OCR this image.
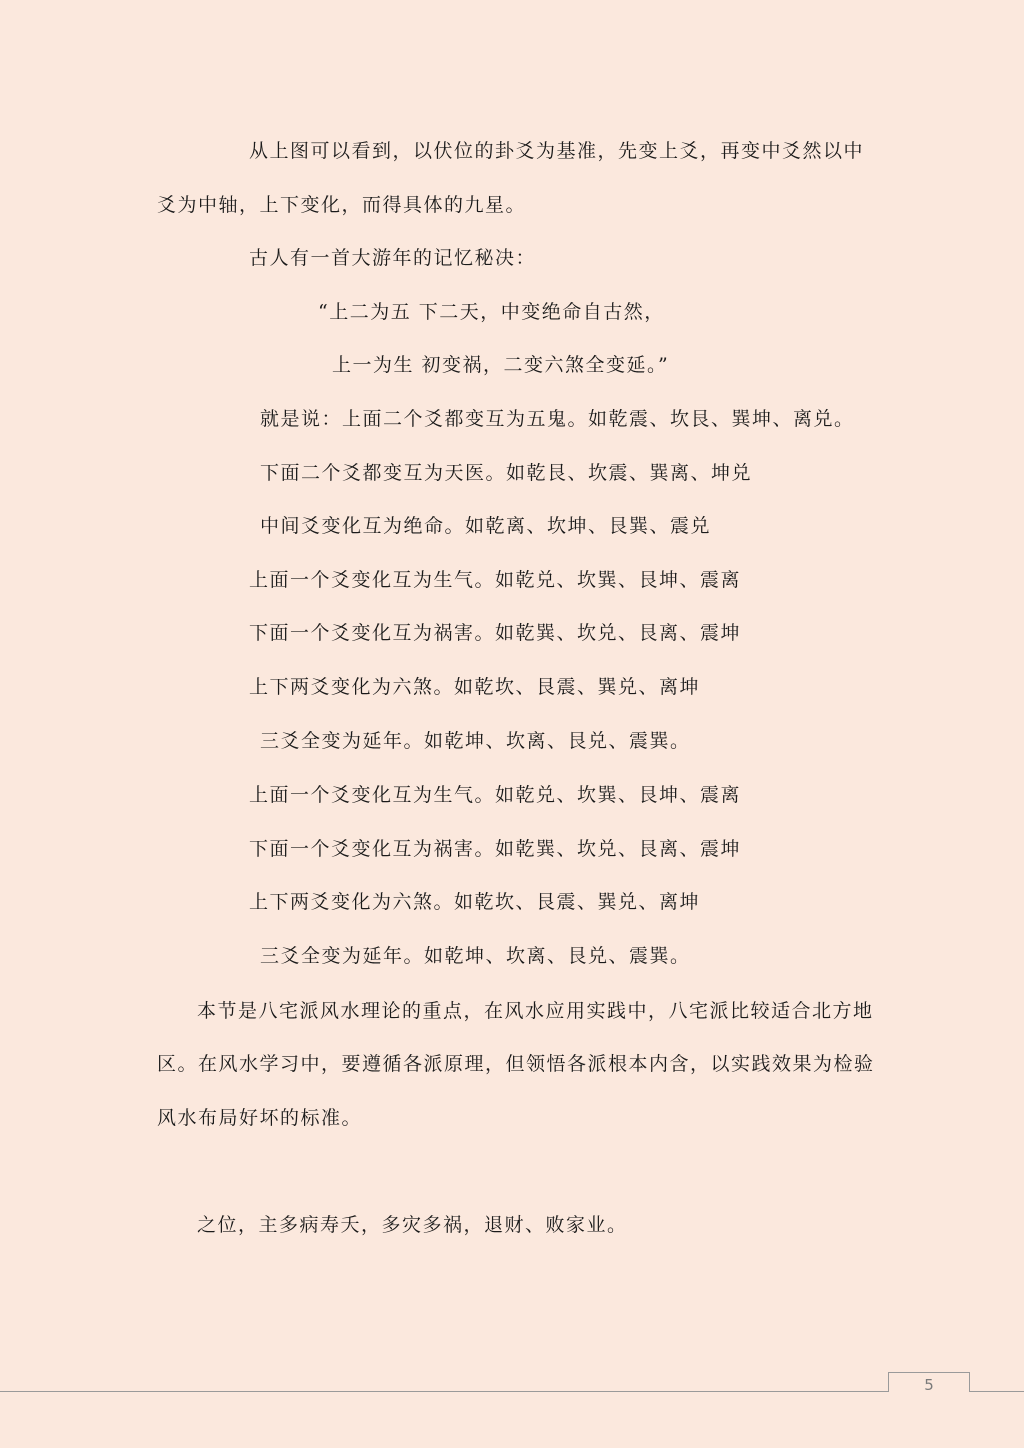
从上图可以看到，以伏位的卦爻为基准，先变上爻，再变中爻然以中
爻为中轴，上下变化，而得具体的九星。
古人有一首大游年的记忆秘决：
“上二为五 下二天，中变绝命自古然，
上一为生 初变祸，二变六煞全变延。”
就是说：上面二个爻都变互为五鬼。如乾震、坎艮、巽坤、离兑。
下面二个爻都变互为天医。如乾艮、坎震、巽离、坤兑
中间爻变化互为绝命。如乾离、坎坤、艮巽、震兑
上面一个爻变化互为生气。如乾兑、坎巽、艮坤、震离
下面一个爻变化互为祸害。如乾巽、坎兑、艮离、震坤
上下两爻变化为六煞。如乾坎、艮震、巽兑、离坤
三爻全变为延年。如乾坤、坎离、艮兑、震巽。
上面一个爻变化互为生气。如乾兑、坎巽、艮坤、震离
下面一个爻变化互为祸害。如乾巽、坎兑、艮离、震坤
上下两爻变化为六煞。如乾坎、艮震、巽兑、离坤
三爻全变为延年。如乾坤、坎离、艮兑、震巽。
本节是八宅派风水理论的重点，在风水应用实践中，八宅派比较适合北方地
区。在风水学习中，要遵循各派原理，但领悟各派根本内含，以实践效果为检验
风水布局好坏的标准。
之位，主多病寿夭，多灾多祸，退财、败家业。
5
